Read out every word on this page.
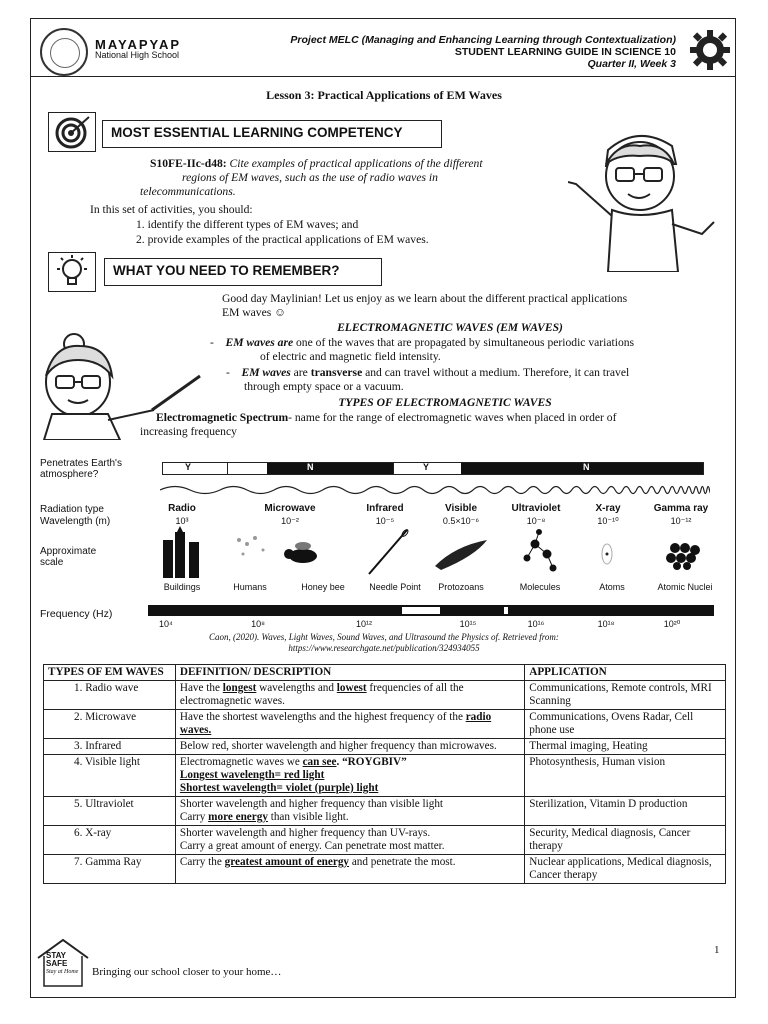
MAYAPYAP
National High School
Project MELC (Managing and Enhancing Learning through Contextualization)
STUDENT LEARNING GUIDE IN SCIENCE 10
Quarter II, Week 3
Lesson 3: Practical Applications of EM Waves
MOST ESSENTIAL LEARNING COMPETENCY
S10FE-IIc-d48: Cite examples of practical applications of the different
regions of EM waves, such as the use of radio waves in
telecommunications.
In this set of activities, you should:
1. identify the different types of EM waves; and
2. provide examples of the practical applications of EM waves.
WHAT YOU NEED TO REMEMBER?
Good day Maylinian! Let us enjoy as we learn about the different practical applications
EM waves ☺
ELECTROMAGNETIC WAVES (EM WAVES)
- EM waves are one of the waves that are propagated by simultaneous periodic variations
of electric and magnetic field intensity.
- EM waves are transverse and can travel without a medium. Therefore, it can travel
through empty space or a vacuum.
TYPES OF ELECTROMAGNETIC WAVES
Electromagnetic Spectrum- name for the range of electromagnetic waves when placed in order of
increasing frequency
Penetrates Earth's
atmosphere?
Y	N	Y	N
Radiation type
Wavelength (m)
Radio
10³
Microwave
10⁻²
Infrared
10⁻⁵
Visible
0.5×10⁻⁶
Ultraviolet
10⁻⁸
X-ray
10⁻¹⁰
Gamma ray
10⁻¹²
Approximate
scale
Buildings	Humans	Honey bee	Needle Point	Protozoans	Molecules	Atoms	Atomic Nuclei
Frequency (Hz)
10⁴	10⁸	10¹²	10¹⁵	10¹⁶	10¹⁸	10²⁰
Caon, (2020). Waves, Light Waves, Sound Waves, and Ultrasound the Physics of. Retrieved from:
https://www.researchgate.net/publication/324934055
TYPES OF EM WAVES	DEFINITION/ DESCRIPTION	APPLICATION
1. Radio wave	Have the longest wavelengths and lowest frequencies of all the electromagnetic waves.	Communications, Remote controls, MRI Scanning
2. Microwave	Have the shortest wavelengths and the highest frequency of the radio waves.	Communications, Ovens Radar, Cell phone use
3. Infrared	Below red, shorter wavelength and higher frequency than microwaves.	Thermal imaging, Heating
4. Visible light	Electromagnetic waves we can see. “ROYGBIV”
Longest wavelength= red light
Shortest wavelength= violet (purple) light	Photosynthesis, Human vision
5. Ultraviolet	Shorter wavelength and higher frequency than visible light
Carry more energy than visible light.	Sterilization, Vitamin D production
6. X-ray	Shorter wavelength and higher frequency than UV-rays.
Carry a great amount of energy. Can penetrate most matter.	Security, Medical diagnosis, Cancer therapy
7. Gamma Ray	Carry the greatest amount of energy and penetrate the most.	Nuclear applications, Medical diagnosis, Cancer therapy
1
STAY
SAFE
Stay at Home Bringing our school closer to your home…
